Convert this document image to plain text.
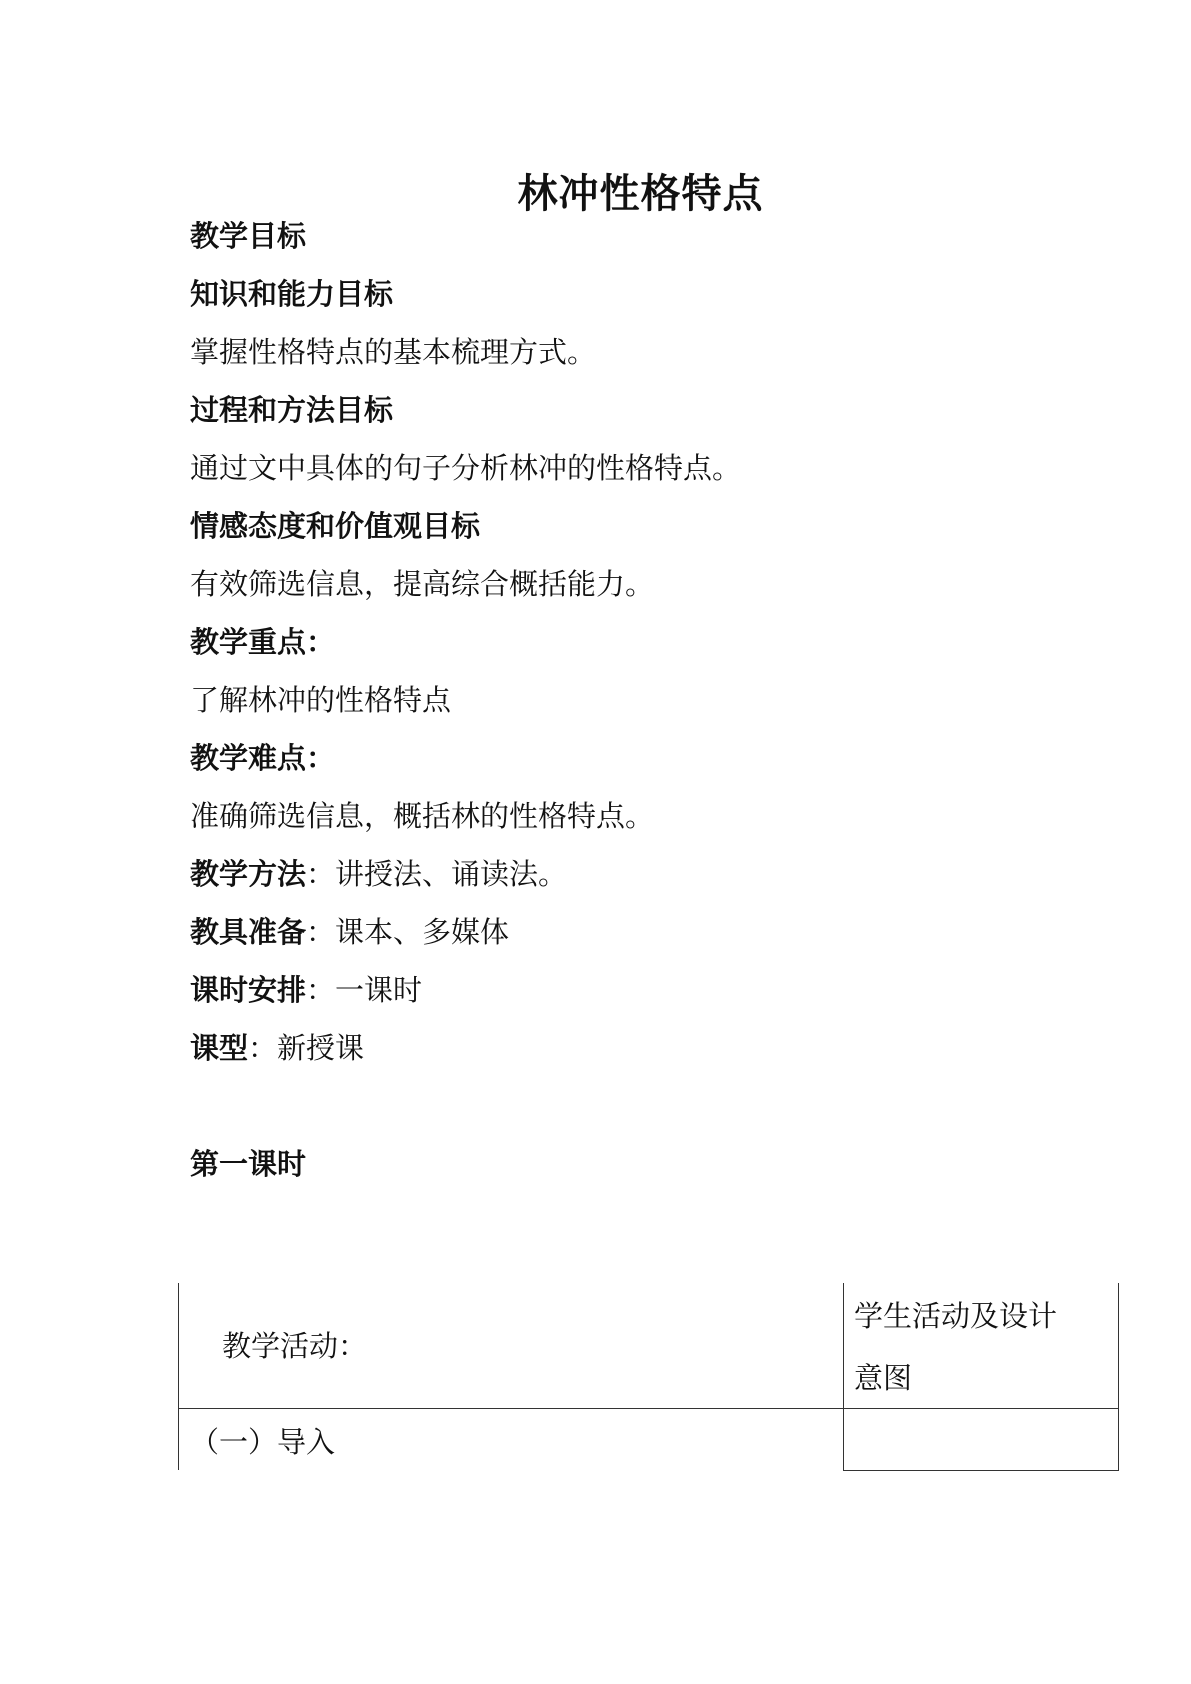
林冲性格特点
教学目标
知识和能力目标
掌握性格特点的基本梳理方式。
过程和方法目标
通过文中具体的句子分析林冲的性格特点。
情感态度和价值观目标
有效筛选信息，提高综合概括能力。
教学重点：
了解林冲的性格特点
教学难点：
准确筛选信息，概括林的性格特点。
教学方法：讲授法、诵读法。
教具准备：课本、多媒体
课时安排：一课时
课型：新授课
第一课时
教学活动：
学生活动及设计
意图
（一）导入
